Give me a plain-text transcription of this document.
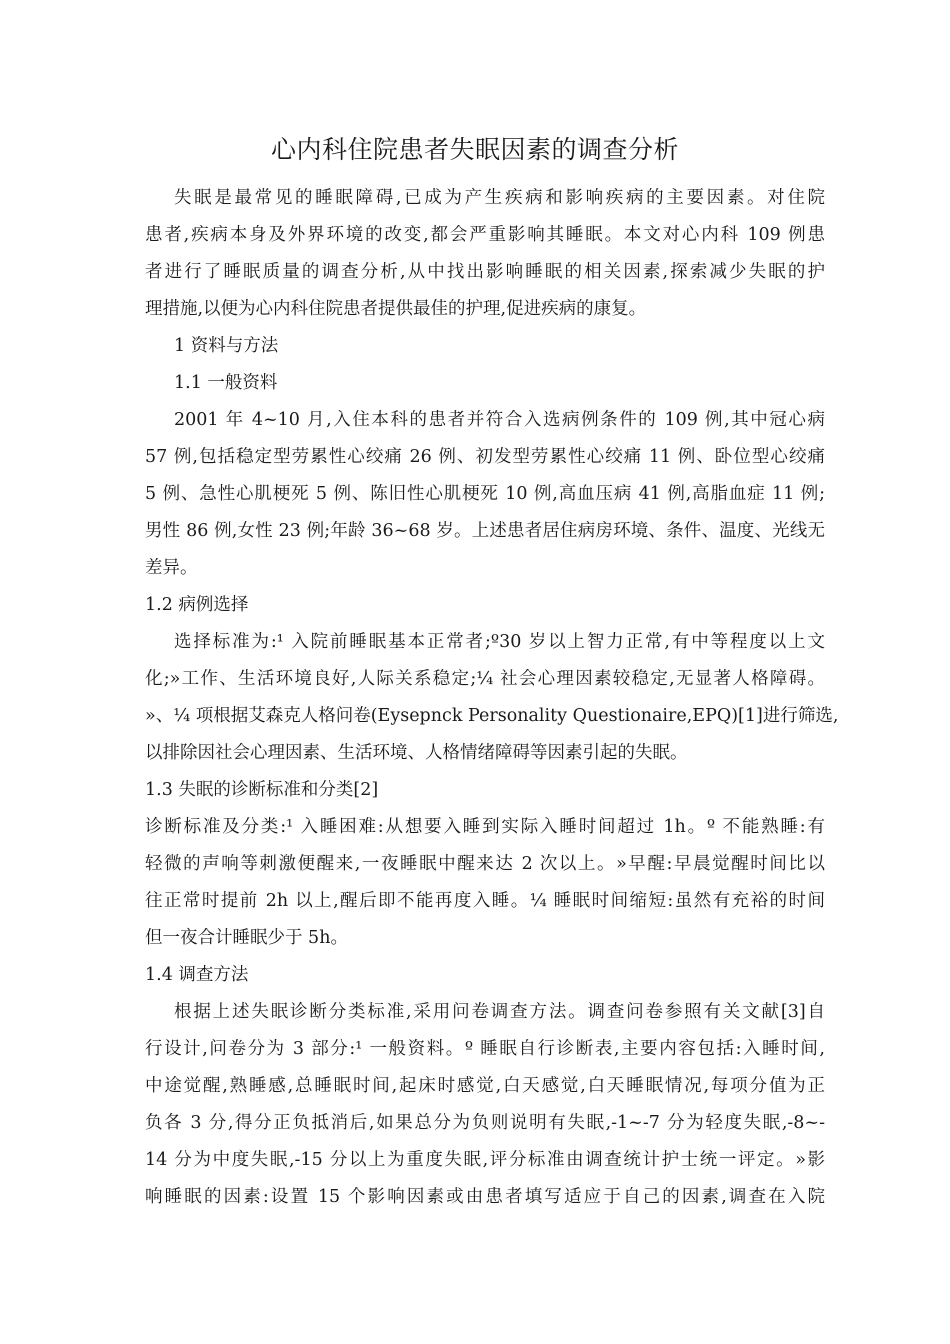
心内科住院患者失眠因素的调查分析
失眠是最常见的睡眠障碍,已成为产生疾病和影响疾病的主要因素。对住院
患者,疾病本身及外界环境的改变,都会严重影响其睡眠。本文对心内科 109 例患
者进行了睡眠质量的调查分析,从中找出影响睡眠的相关因素,探索减少失眠的护
理措施,以便为心内科住院患者提供最佳的护理,促进疾病的康复。
1 资料与方法
1.1 一般资料
2001 年 4~10 月,入住本科的患者并符合入选病例条件的 109 例,其中冠心病
57 例,包括稳定型劳累性心绞痛 26 例、初发型劳累性心绞痛 11 例、卧位型心绞痛
5 例、急性心肌梗死 5 例、陈旧性心肌梗死 10 例,高血压病 41 例,高脂血症 11 例;
男性 86 例,女性 23 例;年龄 36~68 岁。上述患者居住病房环境、条件、温度、光线无
差异。
1.2 病例选择
选择标准为:¹ 入院前睡眠基本正常者;º30 岁以上智力正常,有中等程度以上文
化;»工作、生活环境良好,人际关系稳定;¼ 社会心理因素较稳定,无显著人格障碍。
»、¼ 项根据艾森克人格问卷(Eysepnck Personality Questionaire,EPQ)[1]进行筛选,
以排除因社会心理因素、生活环境、人格情绪障碍等因素引起的失眠。
1.3 失眠的诊断标准和分类[2]
诊断标准及分类:¹ 入睡困难:从想要入睡到实际入睡时间超过 1h。º 不能熟睡:有
轻微的声响等刺激便醒来,一夜睡眠中醒来达 2 次以上。»早醒:早晨觉醒时间比以
往正常时提前 2h 以上,醒后即不能再度入睡。¼ 睡眠时间缩短:虽然有充裕的时间
但一夜合计睡眠少于 5h。
1.4 调查方法
根据上述失眠诊断分类标准,采用问卷调查方法。调查问卷参照有关文献[3]自
行设计,问卷分为 3 部分:¹ 一般资料。º 睡眠自行诊断表,主要内容包括:入睡时间,
中途觉醒,熟睡感,总睡眠时间,起床时感觉,白天感觉,白天睡眠情况,每项分值为正
负各 3 分,得分正负抵消后,如果总分为负则说明有失眠,-1~-7 分为轻度失眠,-8~-
14 分为中度失眠,-15 分以上为重度失眠,评分标准由调查统计护士统一评定。»影
响睡眠的因素:设置 15 个影响因素或由患者填写适应于自己的因素,调查在入院
